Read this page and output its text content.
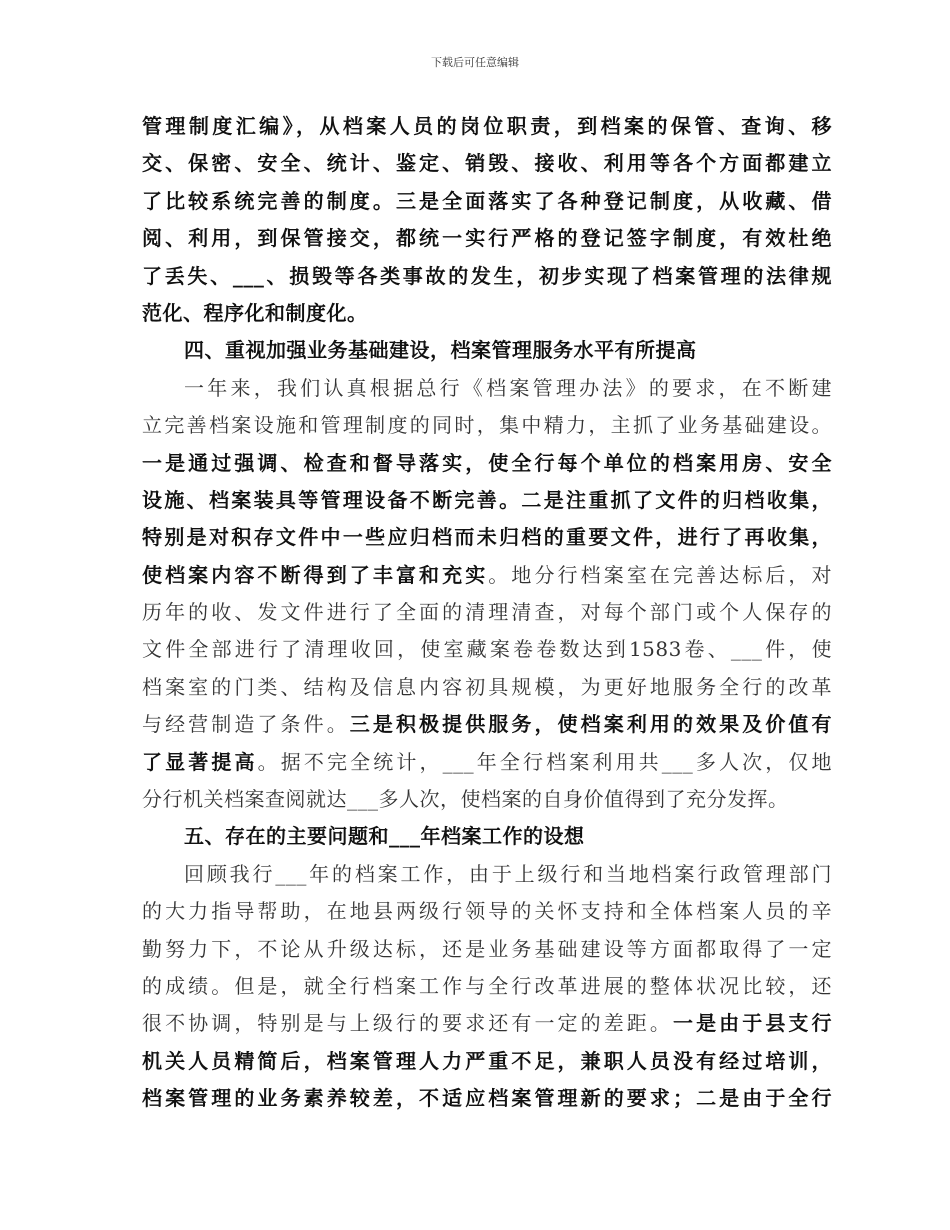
下载后可任意编辑
管理制度汇编》，从档案人员的岗位职责，到档案的保管、查询、移
交、保密、安全、统计、鉴定、销毁、接收、利用等各个方面都建立
了比较系统完善的制度。三是全面落实了各种登记制度，从收藏、借
阅、利用，到保管接交，都统一实行严格的登记签字制度，有效杜绝
了丢失、___、损毁等各类事故的发生，初步实现了档案管理的法律规
范化、程序化和制度化。
四、重视加强业务基础建设，档案管理服务水平有所提高
一年来，我们认真根据总行《档案管理办法》的要求，在不断建
立完善档案设施和管理制度的同时，集中精力，主抓了业务基础建设。
一是通过强调、检查和督导落实，使全行每个单位的档案用房、安全
设施、档案装具等管理设备不断完善。二是注重抓了文件的归档收集，
特别是对积存文件中一些应归档而未归档的重要文件，进行了再收集，
使档案内容不断得到了丰富和充实。地分行档案室在完善达标后，对
历年的收、发文件进行了全面的清理清查，对每个部门或个人保存的
文件全部进行了清理收回，使室藏案卷卷数达到1583卷、___件，使
档案室的门类、结构及信息内容初具规模，为更好地服务全行的改革
与经营制造了条件。三是积极提供服务，使档案利用的效果及价值有
了显著提高。据不完全统计，___年全行档案利用共___多人次，仅地
分行机关档案查阅就达___多人次，使档案的自身价值得到了充分发挥。
五、存在的主要问题和___年档案工作的设想
回顾我行___年的档案工作，由于上级行和当地档案行政管理部门
的大力指导帮助，在地县两级行领导的关怀支持和全体档案人员的辛
勤努力下，不论从升级达标，还是业务基础建设等方面都取得了一定
的成绩。但是，就全行档案工作与全行改革进展的整体状况比较，还
很不协调，特别是与上级行的要求还有一定的差距。一是由于县支行
机关人员精简后，档案管理人力严重不足，兼职人员没有经过培训，
档案管理的业务素养较差，不适应档案管理新的要求；二是由于全行
